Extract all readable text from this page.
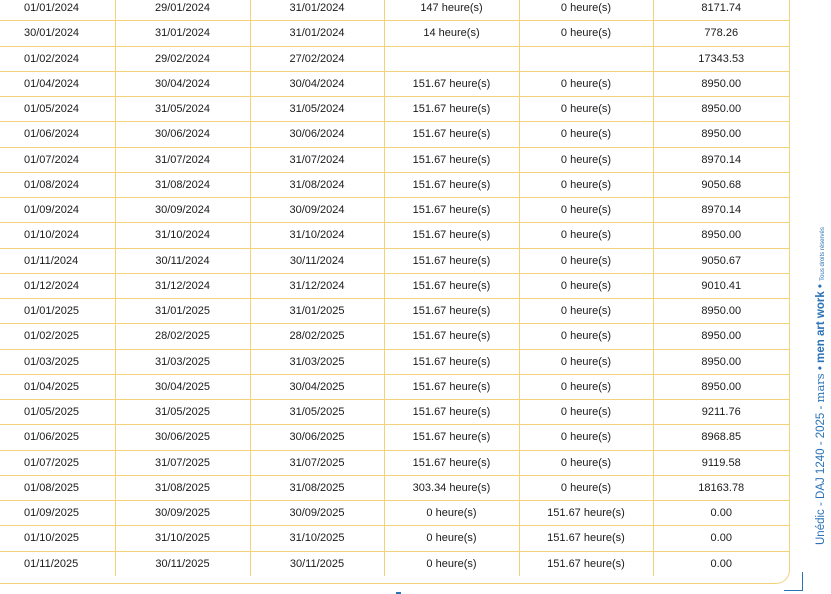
01/01/2024	29/01/2024	31/01/2024	147 heure(s)	0 heure(s)	8171.74
30/01/2024	31/01/2024	31/01/2024	14 heure(s)	0 heure(s)	778.26
01/02/2024	29/02/2024	27/02/2024			17343.53
01/04/2024	30/04/2024	30/04/2024	151.67 heure(s)	0 heure(s)	8950.00
01/05/2024	31/05/2024	31/05/2024	151.67 heure(s)	0 heure(s)	8950.00
01/06/2024	30/06/2024	30/06/2024	151.67 heure(s)	0 heure(s)	8950.00
01/07/2024	31/07/2024	31/07/2024	151.67 heure(s)	0 heure(s)	8970.14
01/08/2024	31/08/2024	31/08/2024	151.67 heure(s)	0 heure(s)	9050.68
01/09/2024	30/09/2024	30/09/2024	151.67 heure(s)	0 heure(s)	8970.14
01/10/2024	31/10/2024	31/10/2024	151.67 heure(s)	0 heure(s)	8950.00
01/11/2024	30/11/2024	30/11/2024	151.67 heure(s)	0 heure(s)	9050.67
01/12/2024	31/12/2024	31/12/2024	151.67 heure(s)	0 heure(s)	9010.41
01/01/2025	31/01/2025	31/01/2025	151.67 heure(s)	0 heure(s)	8950.00
01/02/2025	28/02/2025	28/02/2025	151.67 heure(s)	0 heure(s)	8950.00
01/03/2025	31/03/2025	31/03/2025	151.67 heure(s)	0 heure(s)	8950.00
01/04/2025	30/04/2025	30/04/2025	151.67 heure(s)	0 heure(s)	8950.00
01/05/2025	31/05/2025	31/05/2025	151.67 heure(s)	0 heure(s)	9211.76
01/06/2025	30/06/2025	30/06/2025	151.67 heure(s)	0 heure(s)	8968.85
01/07/2025	31/07/2025	31/07/2025	151.67 heure(s)	0 heure(s)	9119.58
01/08/2025	31/08/2025	31/08/2025	303.34 heure(s)	0 heure(s)	18163.78
01/09/2025	30/09/2025	30/09/2025	0 heure(s)	151.67 heure(s)	0.00
01/10/2025	31/10/2025	31/10/2025	0 heure(s)	151.67 heure(s)	0.00
01/11/2025	30/11/2025	30/11/2025	0 heure(s)	151.67 heure(s)	0.00
Unédic - DAJ 1240 - 2025 - mars • men art work • Tous droits réservés
